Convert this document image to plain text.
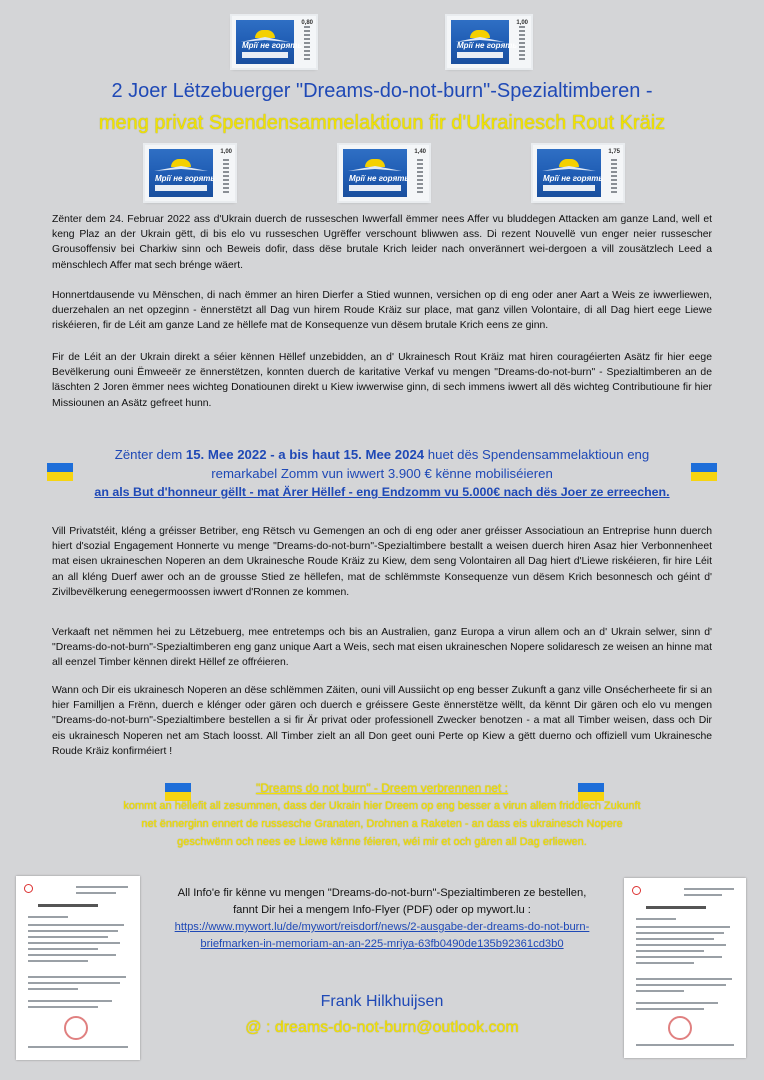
Мрії не горять
0,80
Мрії не горять
1,00
2 Joer Lëtzebuerger "Dreams-do-not-burn"-Spezialtimberen -
meng privat Spendensammelaktioun fir d'Ukrainesch Rout Kräiz
Мрії не горять
1,00
Мрії не горять
1,40
Мрії не горять
1,75

Zënter dem 24. Februar 2022 ass d'Ukrain duerch de russeschen Iwwerfall ëmmer nees Affer vu bluddegen Attacken am ganze Land, well et keng Plaz an der Ukrain gëtt, di bis elo vu russeschen Ugrëffer verschount bliwwen ass. Di rezent Nouvellë vun enger neier russescher Grousoffensiv bei Charkiw sinn och Beweis dofir, dass dëse brutale Krich leider nach onverännert wei-dergoen a vill zousätzlech Leed a mënschlech Affer mat sech brénge wäert.

Honnertdausende vu Mënschen, di nach ëmmer an hiren Dierfer a Stied wunnen, versichen op di eng oder aner Aart a Weis ze iwwerliewen, duerzehalen an net opzeginn - ënnerstëtzt all Dag vun hirem Roude Kräiz sur place, mat ganz villen Volontaire, di all Dag hiert eege Liewe riskéieren, fir de Léit am ganze Land ze hëllefe mat de Konsequenze vun dësem brutale Krich eens ze ginn.

Fir de Léit an der Ukrain direkt a séier kënnen Hëllef unzebidden, an d' Ukrainesch Rout Kräiz mat hiren couragéierten Asätz fir hier eege Bevëlkerung ouni Ëmweeër ze ënnerstëtzen, konnten duerch de karitative Verkaf vu mengen "Dreams-do-not-burn" - Spezialtimberen an de läschten 2 Joren ëmmer nees wichteg Donatiounen direkt u Kiew iwwerwise ginn, di sech immens iwwert all dës wichteg Contributioune fir hier Missiounen an Asätz gefreet hunn.

Zënter dem 15. Mee 2022 - a bis haut 15. Mee 2024 huet dës Spendensammelaktioun eng
remarkabel Zomm vun iwwert 3.900 € kënne mobiliséieren
an als But d'honneur gëllt - mat Ärer Hëllef - eng Endzomm vu 5.000€ nach dës Joer ze erreechen.

Vill Privatstéit, kléng a gréisser Betriber, eng Rëtsch vu Gemengen an och di eng oder aner gréisser Associatioun an Entreprise hunn duerch hiert d'sozial Engagement Honnerte vu menge "Dreams-do-not-burn"-Spezialtimbere bestallt a weisen duerch hiren Asaz hier Verbonnenheet mat eisen ukraineschen Noperen an dem Ukrainesche Roude Kräiz zu Kiew, dem seng Volontairen all Dag hiert d'Liewe riskéieren, fir hire Léit an all kléng Duerf awer och an de grousse Stied ze hëllefen, mat de schlëmmste Konsequenze vun dësem Krich besonnesch och géint d' Zivilbevëlkerung eenegermoossen iwwert d'Ronnen ze kommen.

Verkaaft net nëmmen hei zu Lëtzebuerg, mee entretemps och bis an Australien, ganz Europa a virun allem och an d' Ukrain selwer, sinn d' "Dreams-do-not-burn"-Spezialtimberen eng ganz unique Aart a Weis, sech mat eisen ukraineschen Nopere solidaresch ze weisen an hinne mat all eenzel Timber kënnen direkt Hëllef ze offréieren.

Wann och Dir eis ukrainesch Noperen an dëse schlëmmen Zäiten, ouni vill Aussiicht op eng besser Zukunft a ganz ville Onsécherheete fir si an hier Familljen a Frënn, duerch e klénger oder gären och duerch e gréissere Geste ënnerstëtze wëllt, da kënnt Dir gären och elo vu mengen "Dreams-do-not-burn"-Spezialtimbere bestellen a si fir Är privat oder professionell Zwecker benotzen - a mat all Timber weisen, dass och Dir eis ukrainesch Noperen net am Stach loosst. All Timber zielt an all Don geet ouni Perte op Kiew a gëtt duerno och offiziell vum Ukrainesche Roude Kräiz konfirméiert !

"Dreams do not burn" - Dreem verbrennen net :
kommt an hëllefit all zesummen, dass der Ukrain hier Dreem op eng besser a virun allem friddlech Zukunft
net ënnerginn ennert de russesche Granaten, Drohnen a Raketen - an dass eis ukrainesch Nopere
geschwënn och nees ee Liewe kënne féieren, wéi mir et och gären all Dag erliewen.
All Info'e fir kënne vu mengen "Dreams-do-not-burn"-Spezialtimberen ze bestellen,
fannt Dir hei a mengem Info-Flyer (PDF) oder op mywort.lu :
https://www.mywort.lu/de/mywort/reisdorf/news/2-ausgabe-der-dreams-do-not-burn-
briefmarken-in-memoriam-an-an-225-mriya-63fb0490de135b92361cd3b0
Frank Hilkhuijsen
@ : dreams-do-not-burn@outlook.com
